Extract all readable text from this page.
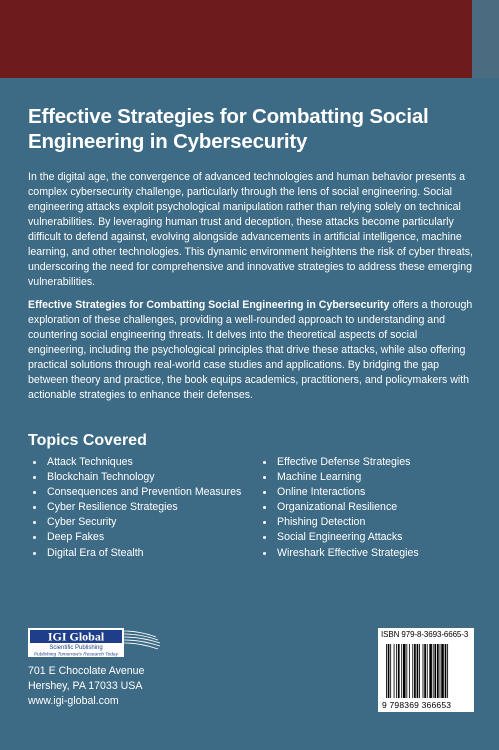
Effective Strategies for Combatting Social Engineering in Cybersecurity

In the digital age, the convergence of advanced technologies and human behavior presents a complex cybersecurity challenge, particularly through the lens of social engineering. Social engineering attacks exploit psychological manipulation rather than relying solely on technical vulnerabilities. By leveraging human trust and deception, these attacks become particularly difficult to defend against, evolving alongside advancements in artificial intelligence, machine learning, and other technologies. This dynamic environment heightens the risk of cyber threats, underscoring the need for comprehensive and innovative strategies to address these emerging vulnerabilities.

Effective Strategies for Combatting Social Engineering in Cybersecurity offers a thorough exploration of these challenges, providing a well-rounded approach to understanding and countering social engineering threats. It delves into the theoretical aspects of social engineering, including the psychological principles that drive these attacks, while also offering practical solutions through real-world case studies and applications. By bridging the gap between theory and practice, the book equips academics, practitioners, and policymakers with actionable strategies to enhance their defenses.

Topics Covered
Attack Techniques
Blockchain Technology
Consequences and Prevention Measures
Cyber Resilience Strategies
Cyber Security
Deep Fakes
Digital Era of Stealth
Effective Defense Strategies
Machine Learning
Online Interactions
Organizational Resilience
Phishing Detection
Social Engineering Attacks
Wireshark Effective Strategies
IGI Global
Scientific Publishing
Publishing Tomorrow's Research Today
701 E Chocolate Avenue
Hershey, PA 17033 USA
www.igi-global.com
ISBN 979-8-3693-6665-3
9 798369 366653
